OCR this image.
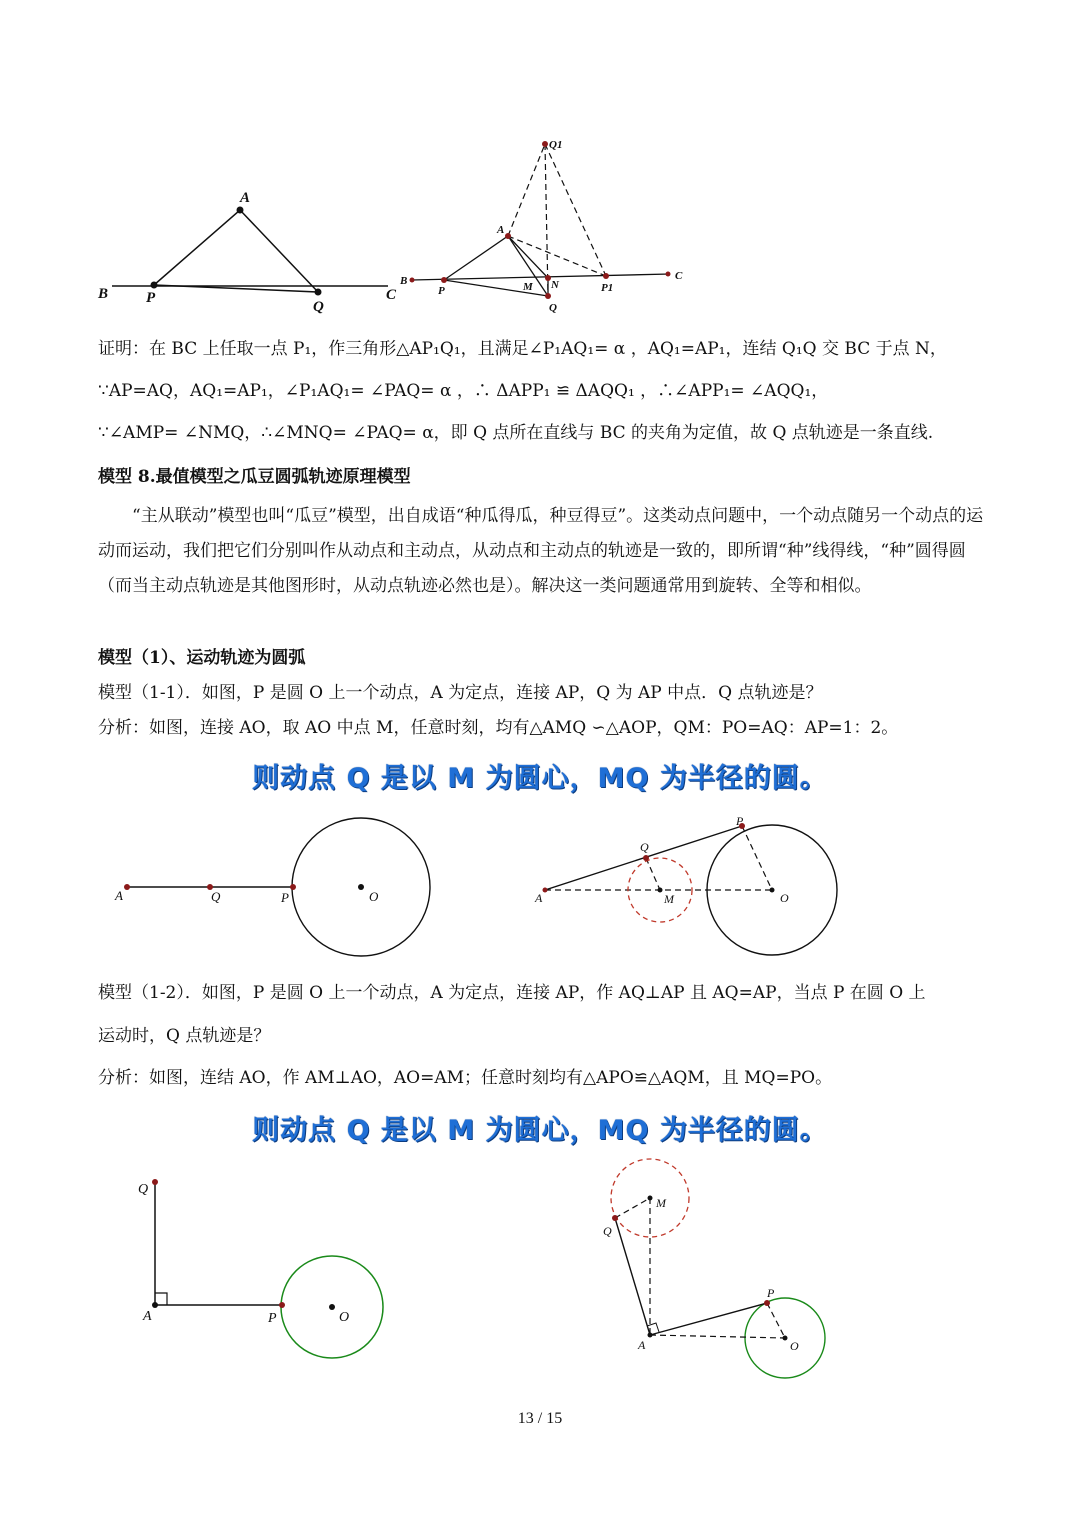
A
B	P
Q
C
Q1
A
B
P	M N
Q
P1
C
证明：在 BC 上任取一点 P₁，作三角形△AP₁Q₁，且满足∠P₁AQ₁= α ，AQ₁=AP₁，连结 Q₁Q 交 BC 于点 N，
∵AP=AQ，AQ₁=AP₁，∠P₁AQ₁= ∠PAQ= α ，∴ ΔAPP₁ ≌ ΔAQQ₁ ，∴∠APP₁= ∠AQQ₁，
∵∠AMP= ∠NMQ，∴∠MNQ= ∠PAQ= α，即 Q 点所在直线与 BC 的夹角为定值，故 Q 点轨迹是一条直线.
模型 8.最值模型之瓜豆圆弧轨迹原理模型
“主从联动”模型也叫“瓜豆”模型，出自成语“种瓜得瓜，种豆得豆”。这类动点问题中，一个动点随另一个动点的运动而运动，我们把它们分别叫作从动点和主动点，从动点和主动点的轨迹是一致的，即所谓“种”线得线，“种”圆得圆（而当主动点轨迹是其他图形时，从动点轨迹必然也是）。解决这一类问题通常用到旋转、全等和相似。
模型（1）、运动轨迹为圆弧
模型（1-1）．如图，P 是圆 O 上一个动点，A 为定点，连接 AP，Q 为 AP 中点．Q 点轨迹是？
分析：如图，连接 AO，取 AO 中点 M，任意时刻，均有△AMQ ∽△AOP，QM：PO=AQ：AP=1：2。
则动点 Q 是以 M 为圆心，MQ 为半径的圆。
A	Q	P	O
P
Q
A	M	O
模型（1-2）．如图，P 是圆 O 上一个动点，A 为定点，连接 AP，作 AQ⊥AP 且 AQ=AP，当点 P 在圆 O 上
运动时，Q 点轨迹是？
分析：如图，连结 AO，作 AM⊥AO，AO=AM；任意时刻均有△APO≌△AQM，且 MQ=PO。
则动点 Q 是以 M 为圆心，MQ 为半径的圆。
Q
A	P	O
M
Q
P
A	O
13 / 15
